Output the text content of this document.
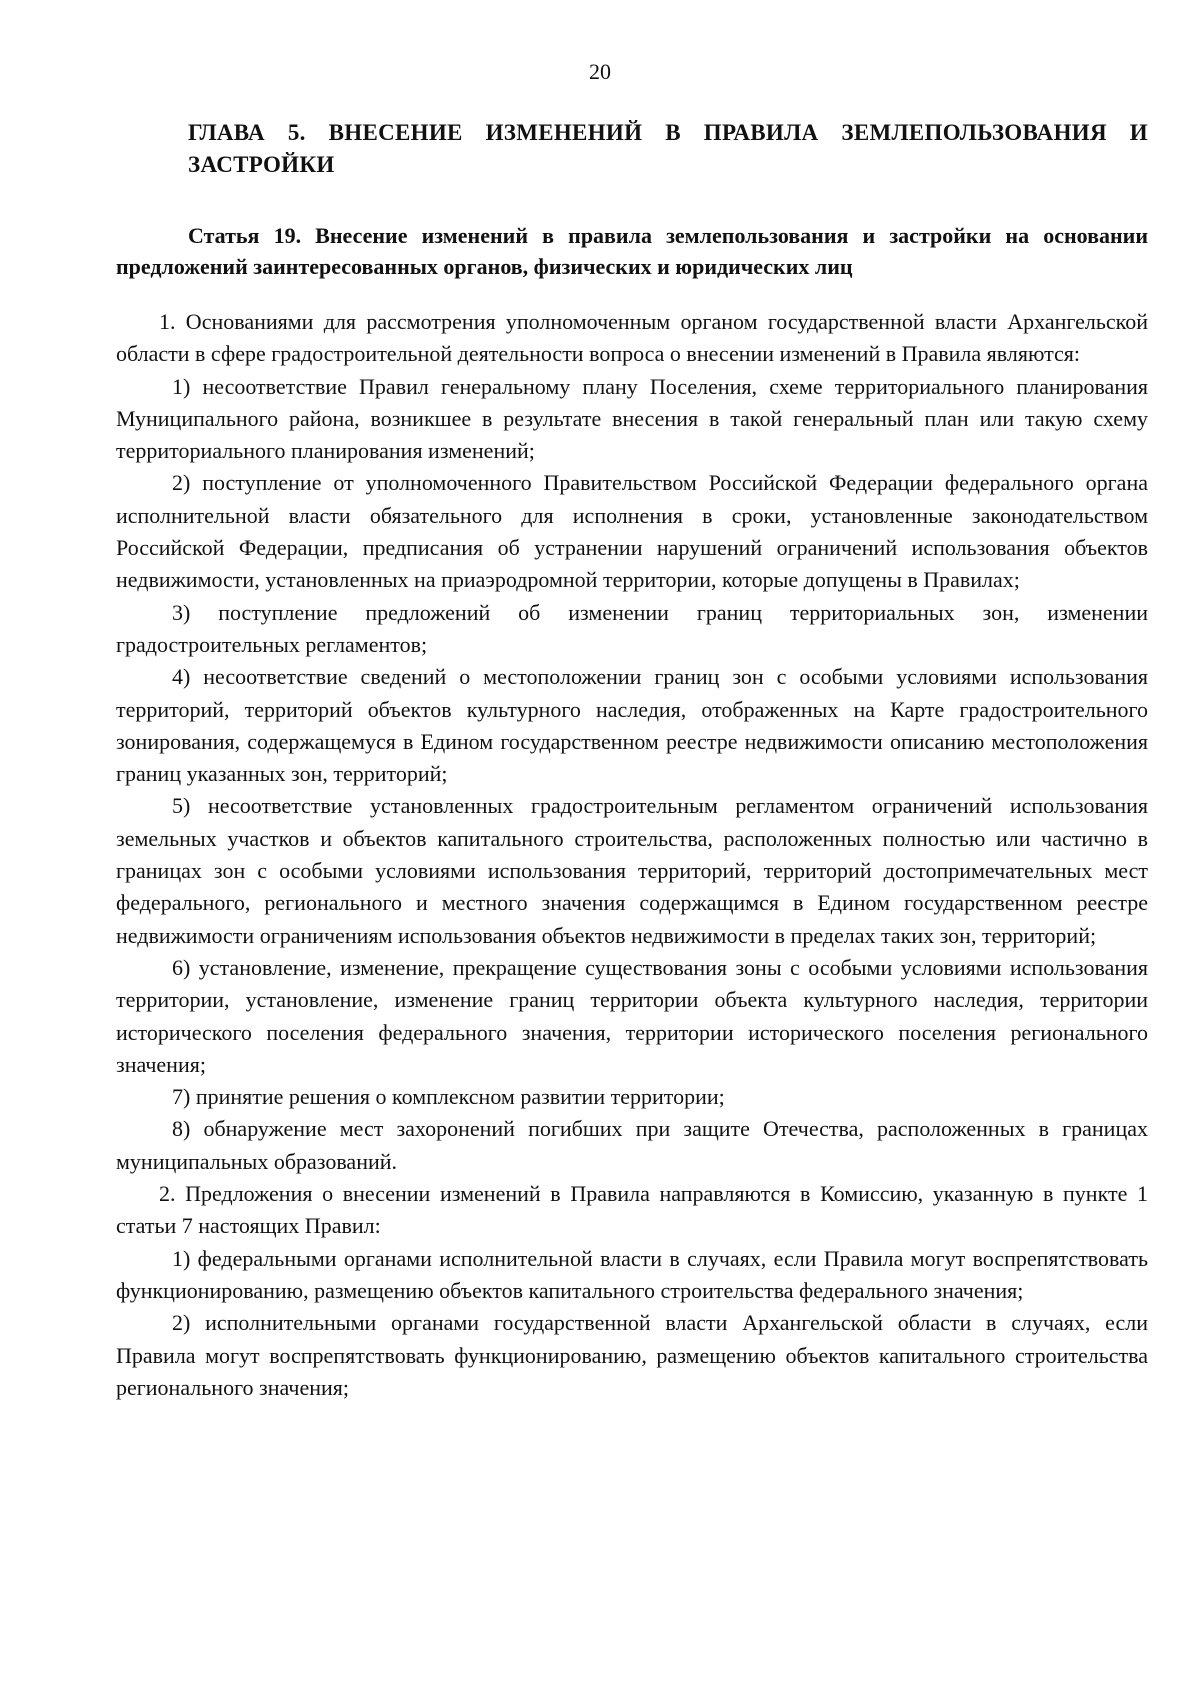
20
ГЛАВА 5. ВНЕСЕНИЕ ИЗМЕНЕНИЙ В ПРАВИЛА ЗЕМЛЕПОЛЬЗОВАНИЯ И ЗАСТРОЙКИ
Статья 19. Внесение изменений в правила землепользования и застройки на основании предложений заинтересованных органов, физических и юридических лиц

1. Основаниями для рассмотрения уполномоченным органом государственной власти Архангельской области в сфере градостроительной деятельности вопроса о внесении изменений в Правила являются:

1) несоответствие Правил генеральному плану Поселения, схеме территориального планирования Муниципального района, возникшее в результате внесения в такой генеральный план или такую схему территориального планирования изменений;

2) поступление от уполномоченного Правительством Российской Федерации федерального органа исполнительной власти обязательного для исполнения в сроки, установленные законодательством Российской Федерации, предписания об устранении нарушений ограничений использования объектов недвижимости, установленных на приаэродромной территории, которые допущены в Правилах;

3) поступление предложений об изменении границ территориальных зон, изменении градостроительных регламентов;

4) несоответствие сведений о местоположении границ зон с особыми условиями использования территорий, территорий объектов культурного наследия, отображенных на Карте градостроительного зонирования, содержащемуся в Едином государственном реестре недвижимости описанию местоположения границ указанных зон, территорий;

5) несоответствие установленных градостроительным регламентом ограничений использования земельных участков и объектов капитального строительства, расположенных полностью или частично в границах зон с особыми условиями использования территорий, территорий достопримечательных мест федерального, регионального и местного значения содержащимся в Едином государственном реестре недвижимости ограничениям использования объектов недвижимости в пределах таких зон, территорий;

6) установление, изменение, прекращение существования зоны с особыми условиями использования территории, установление, изменение границ территории объекта культурного наследия, территории исторического поселения федерального значения, территории исторического поселения регионального значения;

7) принятие решения о комплексном развитии территории;

8) обнаружение мест захоронений погибших при защите Отечества, расположенных в границах муниципальных образований.

2. Предложения о внесении изменений в Правила направляются в Комиссию, указанную в пункте 1 статьи 7 настоящих Правил:

1) федеральными органами исполнительной власти в случаях, если Правила могут воспрепятствовать функционированию, размещению объектов капитального строительства федерального значения;

2) исполнительными органами государственной власти Архангельской области в случаях, если Правила могут воспрепятствовать функционированию, размещению объектов капитального строительства регионального значения;
